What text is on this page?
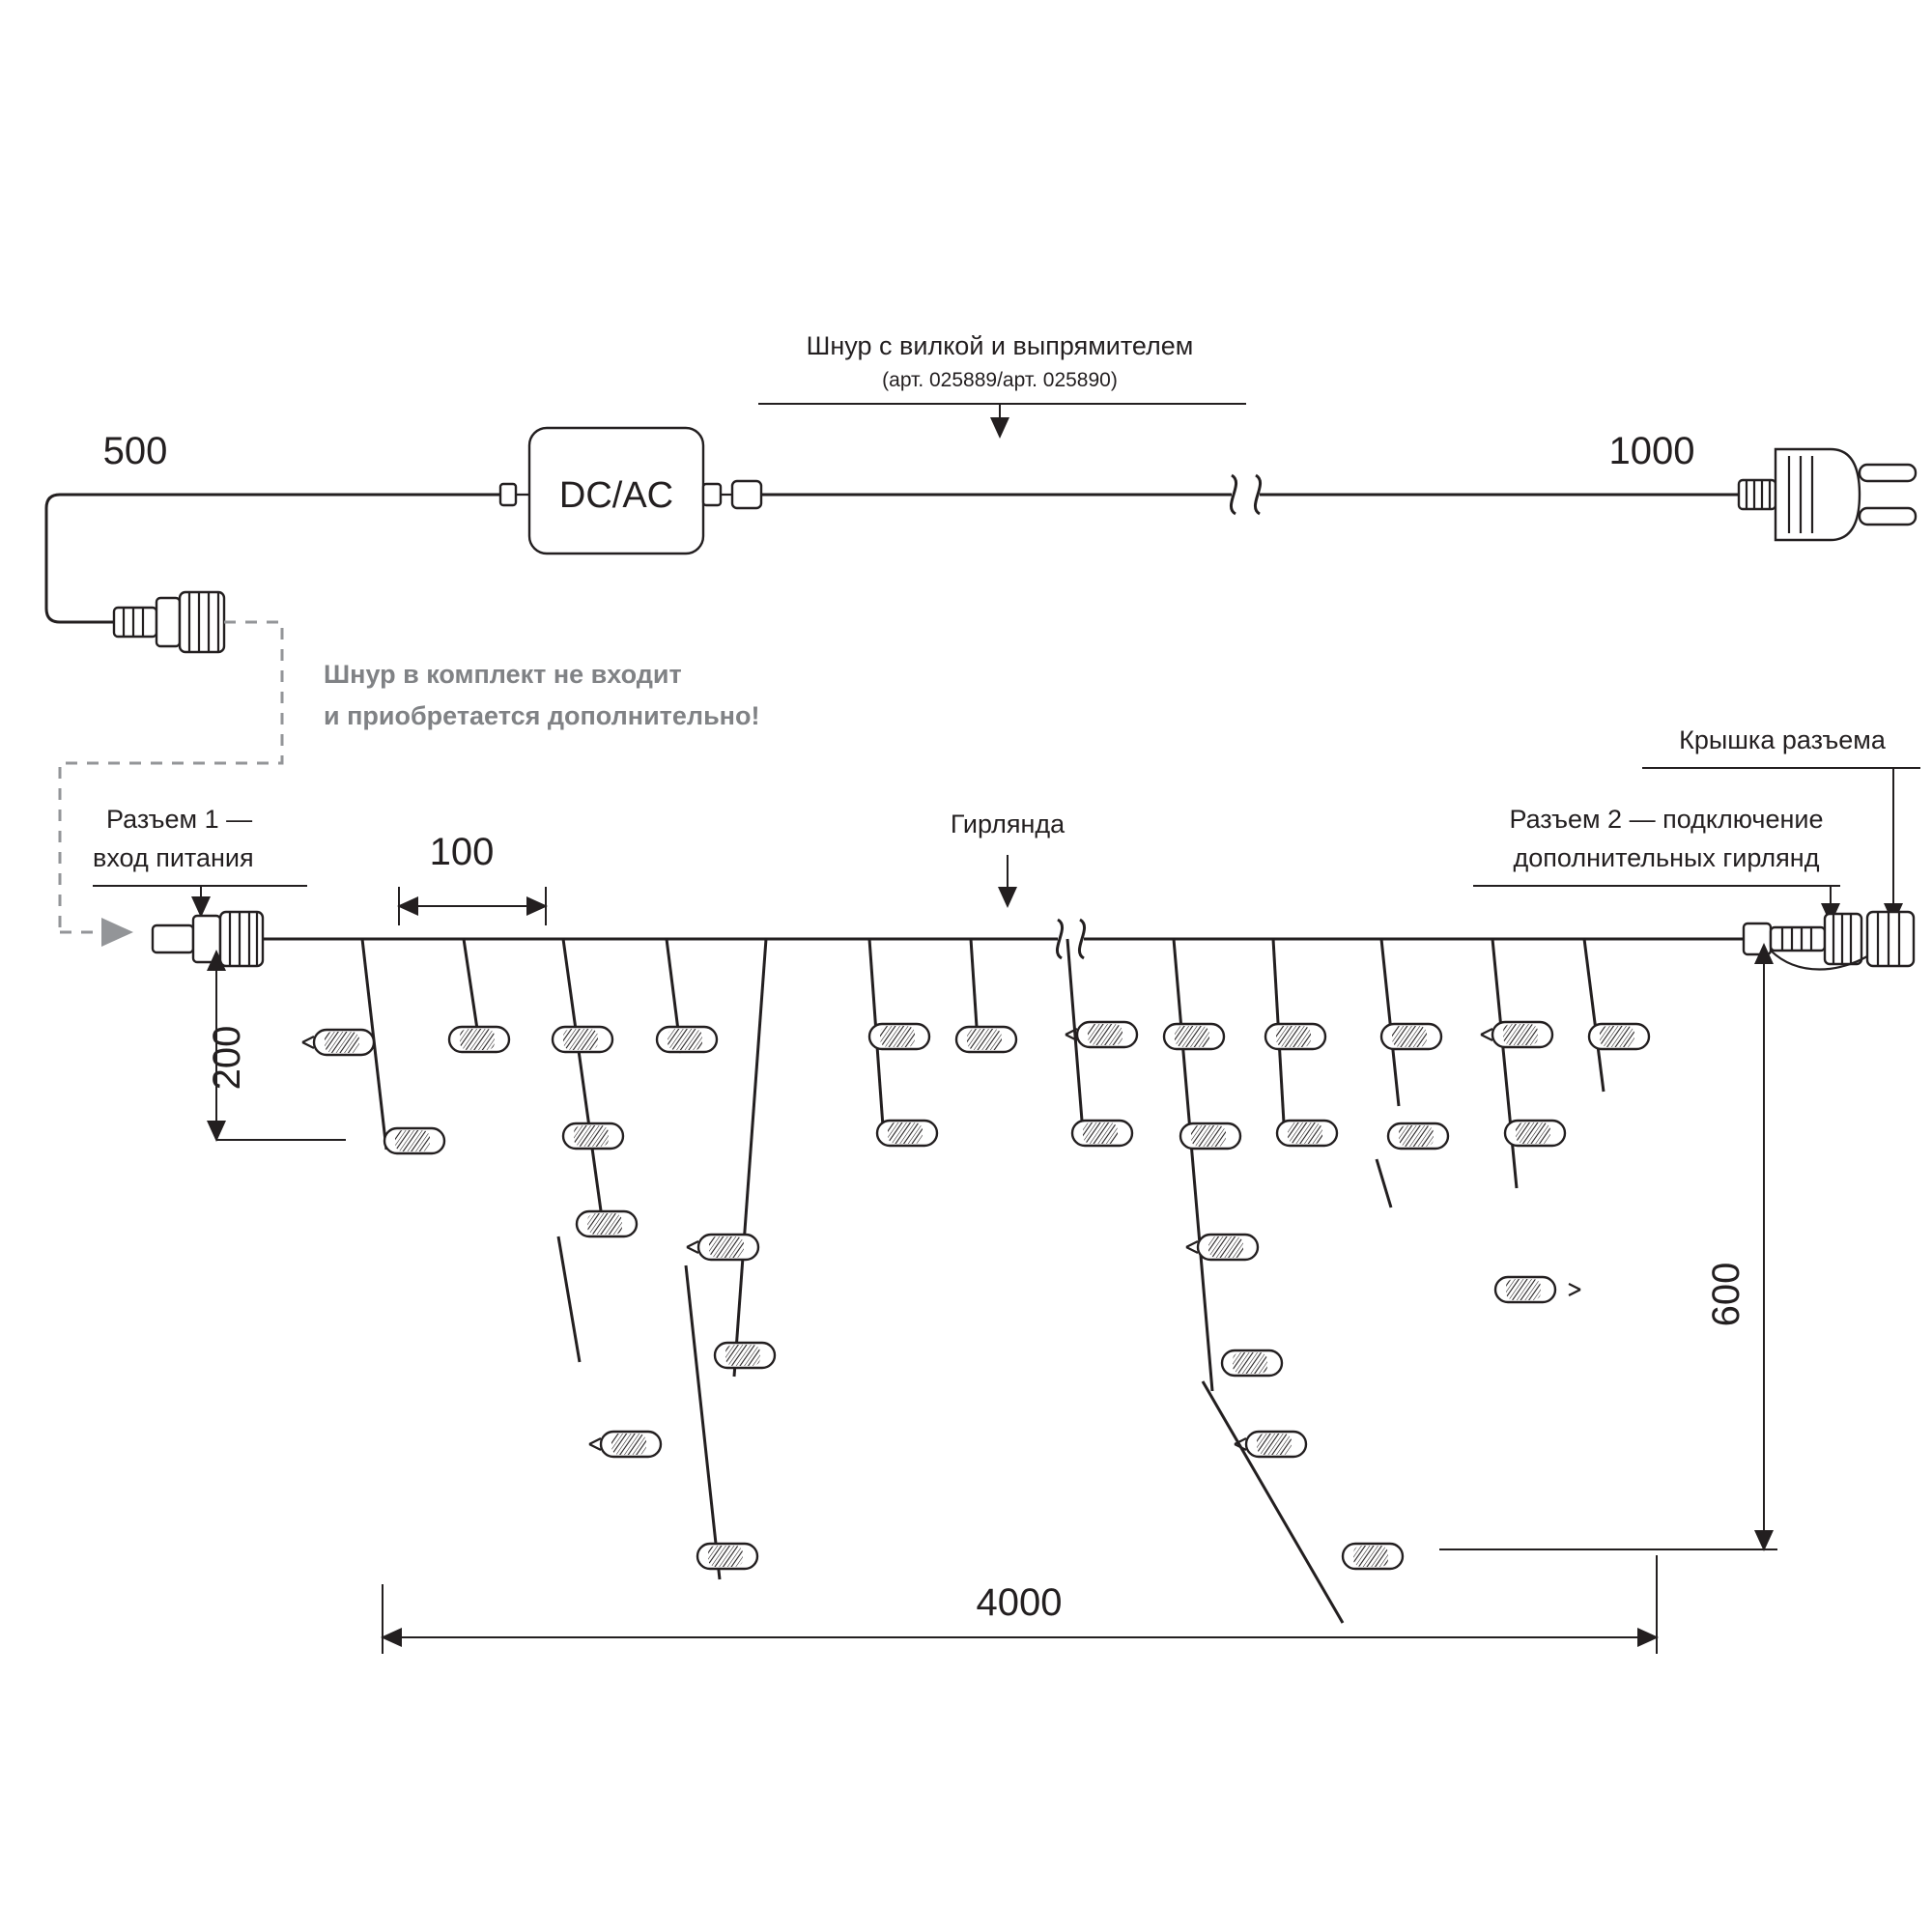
Шнур с вилкой и выпрямителем
(арт. 025889/арт. 025890)
500	1000
DC/AC
Шнур в комплект не входит
и приобретается дополнительно!
Разъем 1 —
вход питания
Гирлянда
Крышка разъема
Разъем 2 — подключение
дополнительных гирлянд
100
200
600
4000
